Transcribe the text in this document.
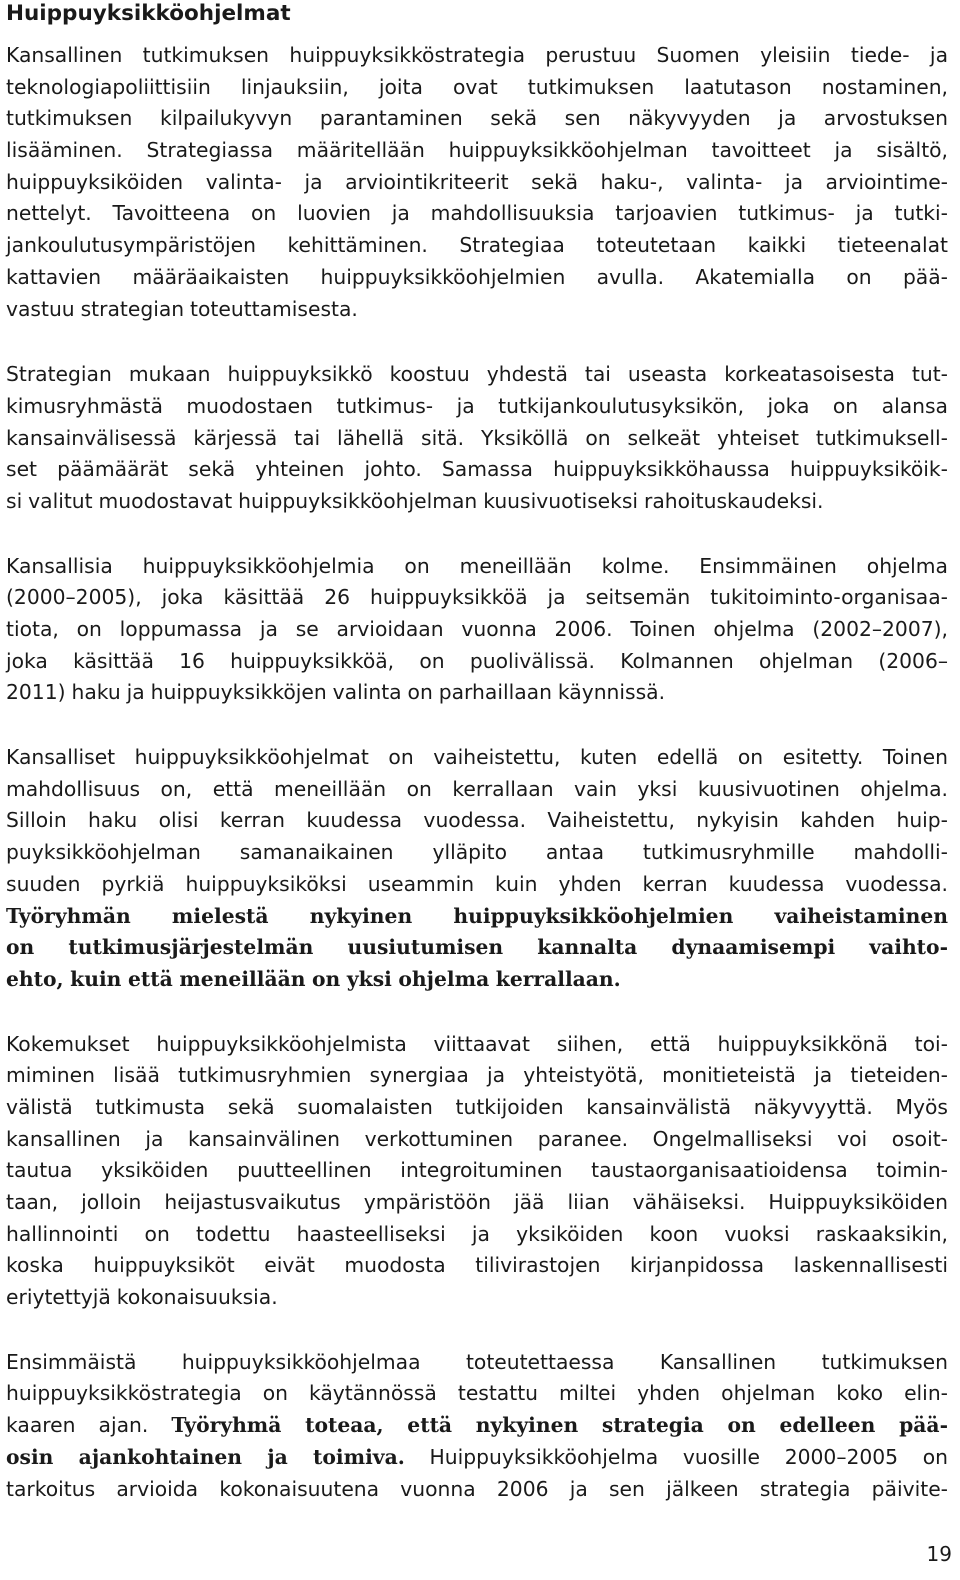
Huippuyksikköohjelmat
Kansallinen tutkimuksen huippuyksikköstrategia perustuu Suomen yleisiin tiede- ja
teknologiapoliittisiin linjauksiin, joita ovat tutkimuksen laatutason nostaminen,
tutkimuksen kilpailukyvyn parantaminen sekä sen näkyvyyden ja arvostuksen
lisääminen. Strategiassa määritellään huippuyksikköohjelman tavoitteet ja sisältö,
huippuyksiköiden valinta- ja arviointikriteerit sekä haku-, valinta- ja arviointime-
nettelyt. Tavoitteena on luovien ja mahdollisuuksia tarjoavien tutkimus- ja tutki-
jankoulutusympäristöjen kehittäminen. Strategiaa toteutetaan kaikki tieteenalat
kattavien määräaikaisten huippuyksikköohjelmien avulla. Akatemialla on pää-
vastuu strategian toteuttamisesta.
Strategian mukaan huippuyksikkö koostuu yhdestä tai useasta korkeatasoisesta tut-
kimusryhmästä muodostaen tutkimus- ja tutkijankoulutusyksikön, joka on alansa
kansainvälisessä kärjessä tai lähellä sitä. Yksiköllä on selkeät yhteiset tutkimuksell-
set päämäärät sekä yhteinen johto. Samassa huippuyksikköhaussa huippuyksiköik-
si valitut muodostavat huippuyksikköohjelman kuusivuotiseksi rahoituskaudeksi.
Kansallisia huippuyksikköohjelmia on meneillään kolme. Ensimmäinen ohjelma
(2000–2005), joka käsittää 26 huippuyksikköä ja seitsemän tukitoiminto-organisaa-
tiota, on loppumassa ja se arvioidaan vuonna 2006. Toinen ohjelma (2002–2007),
joka käsittää 16 huippuyksikköä, on puolivälissä. Kolmannen ohjelman (2006–
2011) haku ja huippuyksikköjen valinta on parhaillaan käynnissä.
Kansalliset huippuyksikköohjelmat on vaiheistettu, kuten edellä on esitetty. Toinen
mahdollisuus on, että meneillään on kerrallaan vain yksi kuusivuotinen ohjelma.
Silloin haku olisi kerran kuudessa vuodessa. Vaiheistettu, nykyisin kahden huip-
puyksikköohjelman samanaikainen ylläpito antaa tutkimusryhmille mahdolli-
suuden pyrkiä huippuyksiköksi useammin kuin yhden kerran kuudessa vuodessa.
Työryhmän mielestä nykyinen huippuyksikköohjelmien vaiheistaminen
on tutkimusjärjestelmän uusiutumisen kannalta dynaamisempi vaihto-
ehto, kuin että meneillään on yksi ohjelma kerrallaan.
Kokemukset huippuyksikköohjelmista viittaavat siihen, että huippuyksikkönä toi-
miminen lisää tutkimusryhmien synergiaa ja yhteistyötä, monitieteistä ja tieteiden-
välistä tutkimusta sekä suomalaisten tutkijoiden kansainvälistä näkyvyyttä. Myös
kansallinen ja kansainvälinen verkottuminen paranee. Ongelmalliseksi voi osoit-
tautua yksiköiden puutteellinen integroituminen taustaorganisaatioidensa toimin-
taan, jolloin heijastusvaikutus ympäristöön jää liian vähäiseksi. Huippuyksiköiden
hallinnointi on todettu haasteelliseksi ja yksiköiden koon vuoksi raskaaksikin,
koska huippuyksiköt eivät muodosta tilivirastojen kirjanpidossa laskennallisesti
eriytettyjä kokonaisuuksia.
Ensimmäistä huippuyksikköohjelmaa toteutettaessa Kansallinen tutkimuksen
huippuyksikköstrategia on käytännössä testattu miltei yhden ohjelman koko elin-
kaaren ajan. Työryhmä toteaa, että nykyinen strategia on edelleen pää-
osin ajankohtainen ja toimiva. Huippuyksikköohjelma vuosille 2000–2005 on
tarkoitus arvioida kokonaisuutena vuonna 2006 ja sen jälkeen strategia päivite-
19
